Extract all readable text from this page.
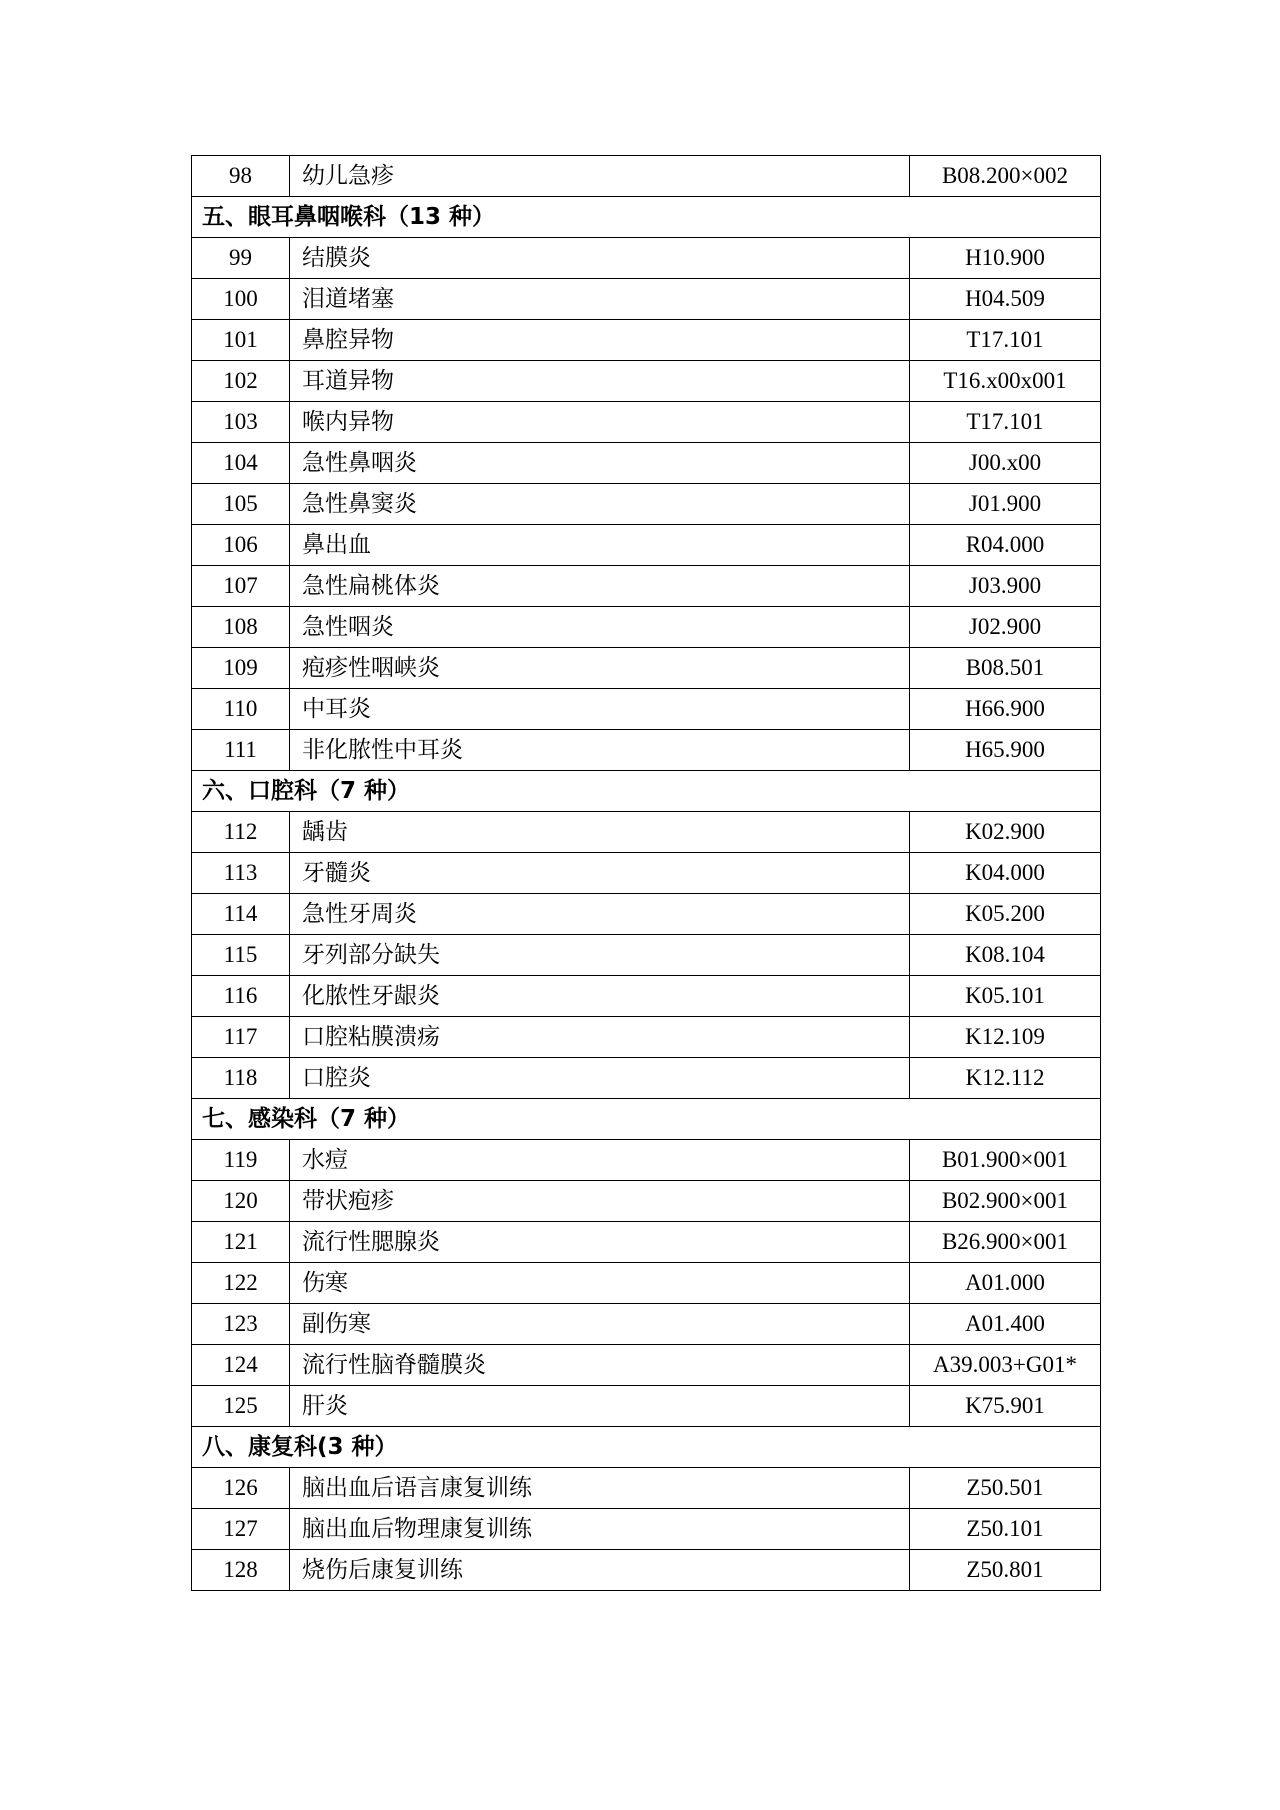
98	幼儿急疹	B08.200×002
五、眼耳鼻咽喉科（13 种）		
99	结膜炎	H10.900
100	泪道堵塞	H04.509
101	鼻腔异物	T17.101
102	耳道异物	T16.x00x001
103	喉内异物	T17.101
104	急性鼻咽炎	J00.x00
105	急性鼻窦炎	J01.900
106	鼻出血	R04.000
107	急性扁桃体炎	J03.900
108	急性咽炎	J02.900
109	疱疹性咽峡炎	B08.501
110	中耳炎	H66.900
111	非化脓性中耳炎	H65.900
六、口腔科（7 种）		
112	龋齿	K02.900
113	牙髓炎	K04.000
114	急性牙周炎	K05.200
115	牙列部分缺失	K08.104
116	化脓性牙龈炎	K05.101
117	口腔粘膜溃疡	K12.109
118	口腔炎	K12.112
七、感染科（7 种）		
119	水痘	B01.900×001
120	带状疱疹	B02.900×001
121	流行性腮腺炎	B26.900×001
122	伤寒	A01.000
123	副伤寒	A01.400
124	流行性脑脊髓膜炎	A39.003+G01*
125	肝炎	K75.901
八、康复科(3 种）		
126	脑出血后语言康复训练	Z50.501
127	脑出血后物理康复训练	Z50.101
128	烧伤后康复训练	Z50.801
